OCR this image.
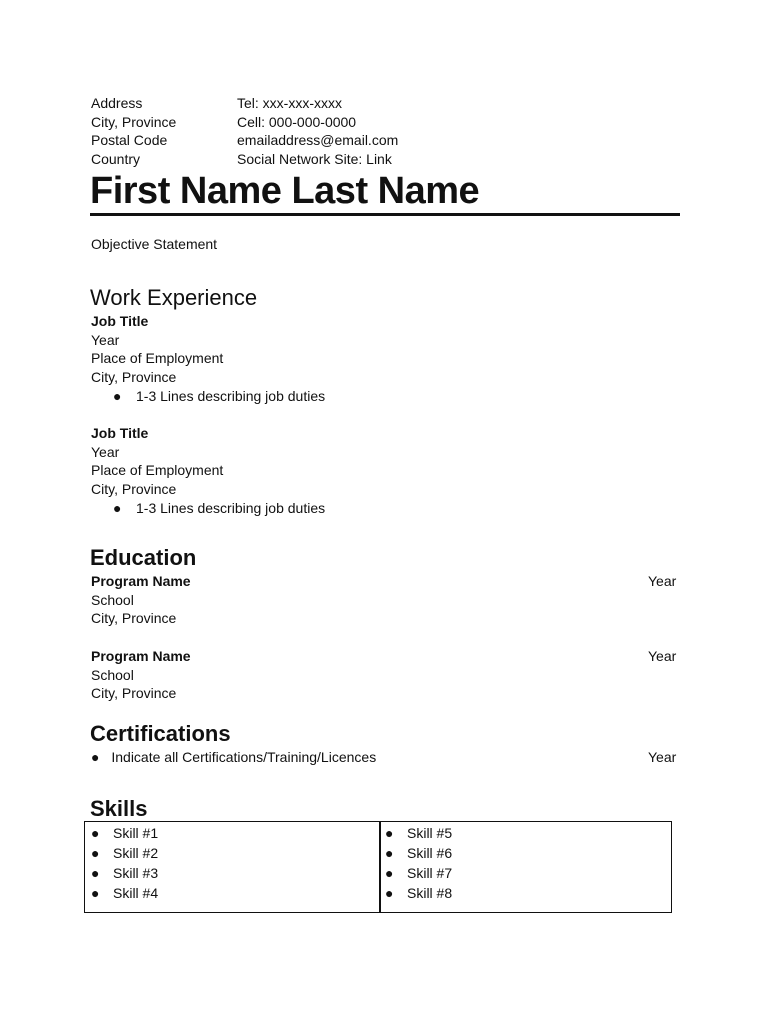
Address
City, Province
Postal Code
Country
Tel: xxx-xxx-xxxx
Cell: 000-000-0000
emailaddress@email.com
Social Network Site: Link
First Name Last Name
Objective Statement
Work Experience
Job Title
Year
Place of Employment
City, Province
● 1-3 Lines describing job duties
Job Title
Year
Place of Employment
City, Province
● 1-3 Lines describing job duties
Education
Program Name
School
City, Province
Year
Program Name
School
City, Province
Year
Certifications
● Indicate all Certifications/Training/Licences	Year
Skills
● Skill #1
● Skill #2
● Skill #3
● Skill #4
● Skill #5
● Skill #6
● Skill #7
● Skill #8
